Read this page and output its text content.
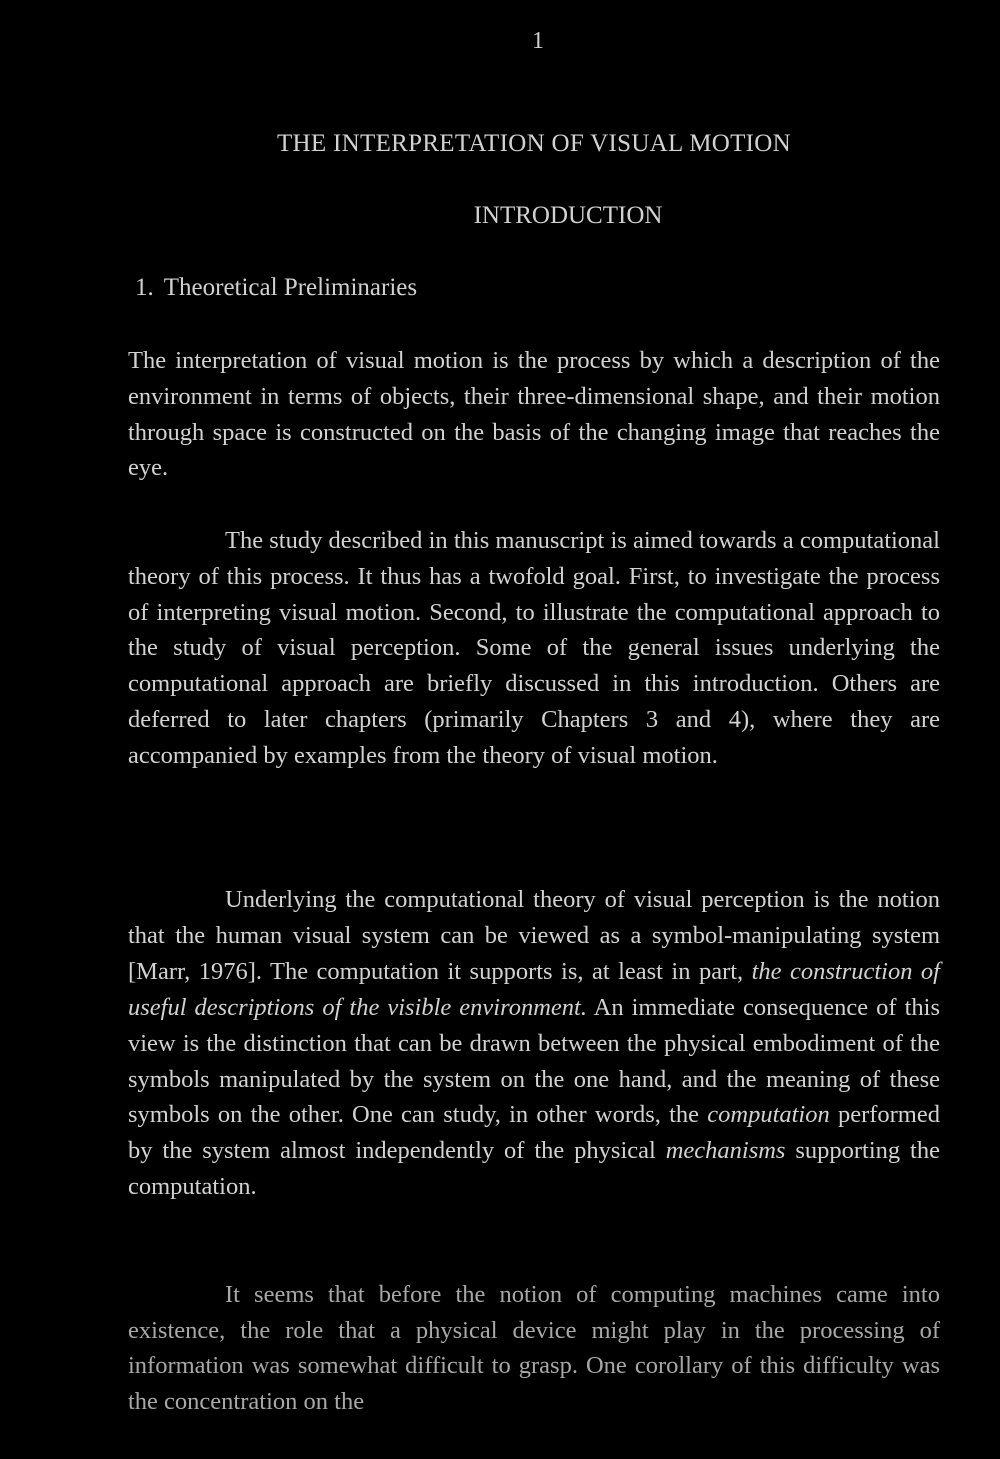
1
THE INTERPRETATION OF VISUAL MOTION
INTRODUCTION
1. Theoretical Preliminaries

The interpretation of visual motion is the process by which a description of the environment in terms of objects, their three-dimensional shape, and their motion through space is constructed on the basis of the changing image that reaches the eye.

The study described in this manuscript is aimed towards a computational theory of this process. It thus has a twofold goal. First, to investigate the process of interpreting visual motion. Second, to illustrate the computational approach to the study of visual perception. Some of the general issues underlying the computational approach are briefly discussed in this introduction. Others are deferred to later chapters (primarily Chapters 3 and 4), where they are accompanied by examples from the theory of visual motion.

Underlying the computational theory of visual perception is the notion that the human visual system can be viewed as a symbol-manipulating system [Marr, 1976]. The computation it supports is, at least in part, the construction of useful descriptions of the visible environment. An immediate consequence of this view is the distinction that can be drawn between the physical embodiment of the symbols manipulated by the system on the one hand, and the meaning of these symbols on the other. One can study, in other words, the computation performed by the system almost independently of the physical mechanisms supporting the computation.

It seems that before the notion of computing machines came into existence, the role that a physical device might play in the processing of information was somewhat difficult to grasp. One corollary of this difficulty was the concentration on the
